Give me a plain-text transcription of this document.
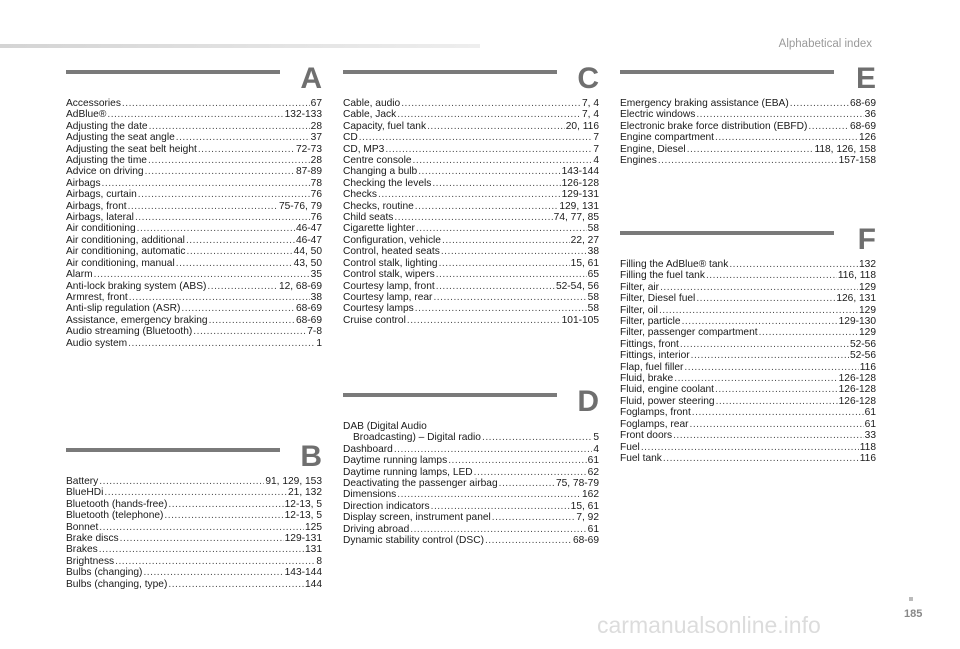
Alphabetical index
A
Accessories .....	67
AdBlue® .....	132-133
Adjusting the date .....	28
Adjusting the seat angle .....	37
Adjusting the seat belt height .....	72-73
Adjusting the time .....	28
Advice on driving .....	87-89
Airbags .....	78
Airbags, curtain .....	76
Airbags, front .....	75-76, 79
Airbags, lateral .....	76
Air conditioning .....	46-47
Air conditioning, additional .....	46-47
Air conditioning, automatic .....	44, 50
Air conditioning, manual .....	43, 50
Alarm .....	35
Anti-lock braking system (ABS) .....	12, 68-69
Armrest, front .....	38
Anti-slip regulation (ASR) .....	68-69
Assistance, emergency braking .....	68-69
Audio streaming (Bluetooth) .....	7-8
Audio system .....	1
B
Battery .....	91, 129, 153
BlueHDi .....	21, 132
Bluetooth (hands-free) .....	12-13, 5
Bluetooth (telephone) .....	12-13, 5
Bonnet .....	125
Brake discs .....	129-131
Brakes .....	131
Brightness .....	8
Bulbs (changing) .....	143-144
Bulbs (changing, type) .....	144
C
Cable, audio .....	7, 4
Cable, Jack .....	7, 4
Capacity, fuel tank .....	20, 116
CD .....	7
CD, MP3 .....	7
Centre console .....	4
Changing a bulb .....	143-144
Checking the levels .....	126-128
Checks .....	129-131
Checks, routine .....	129, 131
Child seats .....	74, 77, 85
Cigarette lighter .....	58
Configuration, vehicle .....	22, 27
Control, heated seats .....	38
Control stalk, lighting .....	15, 61
Control stalk, wipers .....	65
Courtesy lamp, front .....	52-54, 56
Courtesy lamp, rear .....	58
Courtesy lamps .....	58
Cruise control .....	101-105
D
DAB (Digital Audio
Broadcasting) – Digital radio .....	5
Dashboard .....	4
Daytime running lamps .....	61
Daytime running lamps, LED .....	62
Deactivating the passenger airbag .....	75, 78-79
Dimensions .....	162
Direction indicators .....	15, 61
Display screen, instrument panel .....	7, 92
Driving abroad .....	61
Dynamic stability control (DSC) .....	68-69
E
Emergency braking assistance (EBA) .....	68-69
Electric windows .....	36
Electronic brake force distribution (EBFD) .....	68-69
Engine compartment .....	126
Engine, Diesel .....	118, 126, 158
Engines .....	157-158
F
Filling the AdBlue® tank .....	132
Filling the fuel tank .....	116, 118
Filter, air .....	129
Filter, Diesel fuel .....	126, 131
Filter, oil .....	129
Filter, particle .....	129-130
Filter, passenger compartment .....	129
Fittings, front .....	52-56
Fittings, interior .....	52-56
Flap, fuel filler .....	116
Fluid, brake .....	126-128
Fluid, engine coolant .....	126-128
Fluid, power steering .....	126-128
Foglamps, front .....	61
Foglamps, rear .....	61
Front doors .....	33
Fuel .....	118
Fuel tank .....	116
185
carmanualsonline.info
